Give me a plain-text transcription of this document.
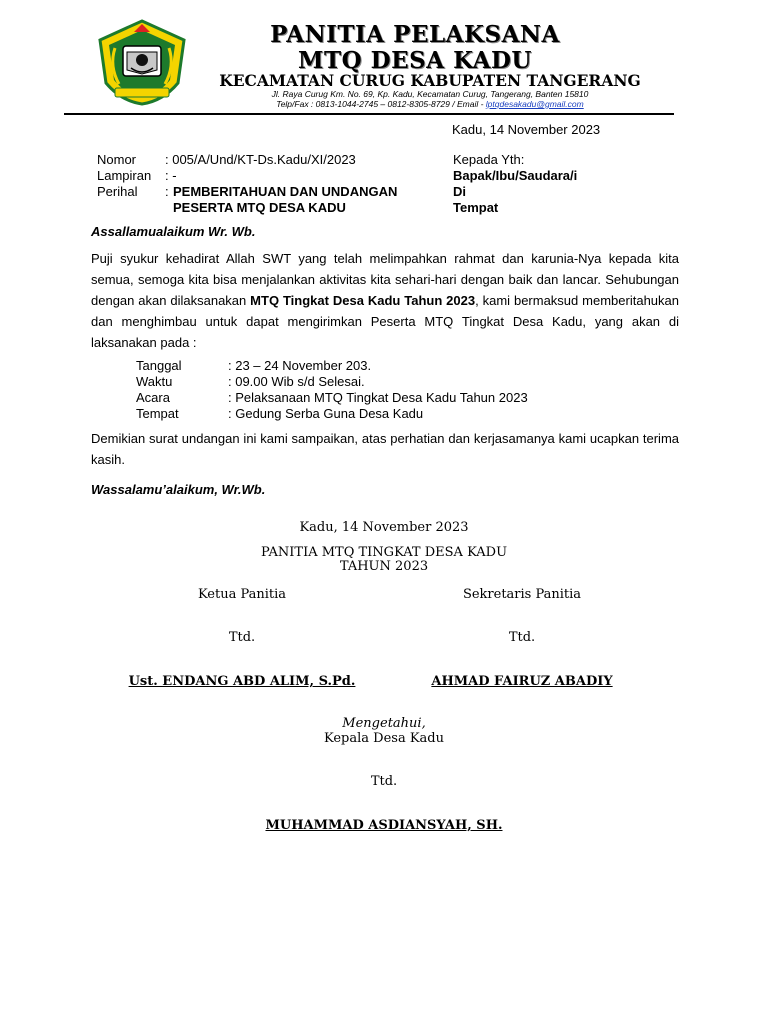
PANITIA PELAKSANA
MTQ DESA KADU
KECAMATAN CURUG KABUPATEN TANGERANG
Jl. Raya Curug Km. No. 69, Kp. Kadu, Kecamatan Curug, Tangerang, Banten 15810
Telp/Fax : 0813-1044-2745 – 0812-8305-8729 / Email - lptqdesakadu@gmail.com
Kadu, 14 November 2023
Nomor	: 005/A/Und/KT-Ds.Kadu/XI/2023
Lampiran	: -
Perihal	: PEMBERITAHUAN DAN UNDANGAN
PESERTA MTQ DESA KADU
Kepada Yth:
Bapak/Ibu/Saudara/i
Di
Tempat
Assallamualaikum Wr. Wb.
Puji syukur kehadirat Allah SWT yang telah melimpahkan rahmat dan karunia-Nya kepada kita semua, semoga kita bisa menjalankan aktivitas kita sehari-hari dengan baik dan lancar. Sehubungan dengan akan dilaksanakan MTQ Tingkat Desa Kadu Tahun 2023, kami bermaksud memberitahukan dan menghimbau untuk dapat mengirimkan Peserta MTQ Tingkat Desa Kadu, yang akan di laksanakan pada :
Tanggal	: 23 – 24 November 203.
Waktu	: 09.00 Wib s/d Selesai.
Acara	: Pelaksanaan MTQ Tingkat Desa Kadu Tahun 2023
Tempat	: Gedung Serba Guna Desa Kadu
Demikian surat undangan ini kami sampaikan, atas perhatian dan kerjasamanya kami ucapkan terima kasih.
Wassalamu’alaikum, Wr.Wb.
Kadu, 14 November 2023
PANITIA MTQ TINGKAT DESA KADU
TAHUN 2023
Ketua Panitia	Sekretaris Panitia
Ttd.	Ttd.
Ust. ENDANG ABD ALIM, S.Pd.	AHMAD FAIRUZ ABADIY
Mengetahui,
Kepala Desa Kadu
Ttd.
MUHAMMAD ASDIANSYAH, SH.
